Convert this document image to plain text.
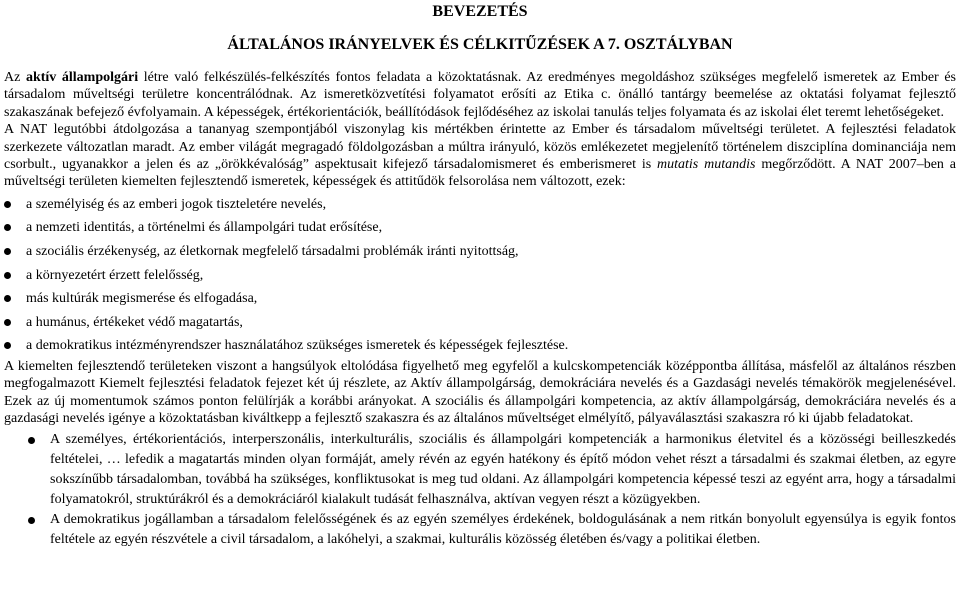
BEVEZETÉS
ÁLTALÁNOS IRÁNYELVEK ÉS CÉLKITŰZÉSEK A 7. OSZTÁLYBAN

Az aktív állampolgári létre való felkészülés-felkészítés fontos feladata a közoktatásnak. Az eredményes megoldáshoz szükséges megfelelő ismeretek az Ember és társadalom műveltségi területre koncentrálódnak. Az ismeretközvetítési folyamatot erősíti az Etika c. önálló tantárgy beemelése az oktatási folyamat fejlesztő szakaszának befejező évfolyamain. A képességek, értékorientációk, beállítódások fejlődéséhez az iskolai tanulás teljes folyamata és az iskolai élet teremt lehetőségeket.

A NAT legutóbbi átdolgozása a tananyag szempontjából viszonylag kis mértékben érintette az Ember és társadalom műveltségi területet. A fejlesztési feladatok szerkezete változatlan maradt. Az ember világát megragadó földolgozásban a múltra irányuló, közös emlékezetet megjelenítő történelem diszciplína dominanciája nem csorbult., ugyanakkor a jelen és az „örökkévalóság” aspektusait kifejező társadalomismeret és emberismeret is mutatis mutandis megőrződött. A NAT 2007–ben a műveltségi területen kiemelten fejlesztendő ismeretek, képességek és attitűdök felsorolása nem változott, ezek:

a személyiség és az emberi jogok tiszteletére nevelés,
a nemzeti identitás, a történelmi és állampolgári tudat erősítése,
a szociális érzékenység, az életkornak megfelelő társadalmi problémák iránti nyitottság,
a környezetért érzett felelősség,
más kultúrák megismerése és elfogadása,
a humánus, értékeket védő magatartás,
a demokratikus intézményrendszer használatához szükséges ismeretek és képességek fejlesztése.

A kiemelten fejlesztendő területeken viszont a hangsúlyok eltolódása figyelhető meg egyfelől a kulcskompetenciák középpontba állítása, másfelől az általános részben megfogalmazott Kiemelt fejlesztési feladatok fejezet két új részlete, az Aktív állampolgárság, demokráciára nevelés és a Gazdasági nevelés témakörök megjelenésével. Ezek az új momentumok számos ponton felülírják a korábbi arányokat. A szociális és állampolgári kompetencia, az aktív állampolgárság, demokráciára nevelés és a gazdasági nevelés igénye a közoktatásban kiváltkepp a fejlesztő szakaszra és az általános műveltséget elmélyítő, pályaválasztási szakaszra ró ki újabb feladatokat.

A személyes, értékorientációs, interperszonális, interkulturális, szociális és állampolgári kompetenciák a harmonikus életvitel és a közösségi beilleszkedés feltételei, … lefedik a magatartás minden olyan formáját, amely révén az egyén hatékony és építő módon vehet részt a társadalmi és szakmai életben, az egyre sokszínűbb társadalomban, továbbá ha szükséges, konfliktusokat is meg tud oldani. Az állampolgári kompetencia képessé teszi az egyént arra, hogy a társadalmi folyamatokról, struktúrákról és a demokráciáról kialakult tudását felhasználva, aktívan vegyen részt a közügyekben.
A demokratikus jogállamban a társadalom felelősségének és az egyén személyes érdekének, boldogulásának a nem ritkán bonyolult egyensúlya is egyik fontos feltétele az egyén részvétele a civil társadalom, a lakóhelyi, a szakmai, kulturális közösség életében és/vagy a politikai életben.
